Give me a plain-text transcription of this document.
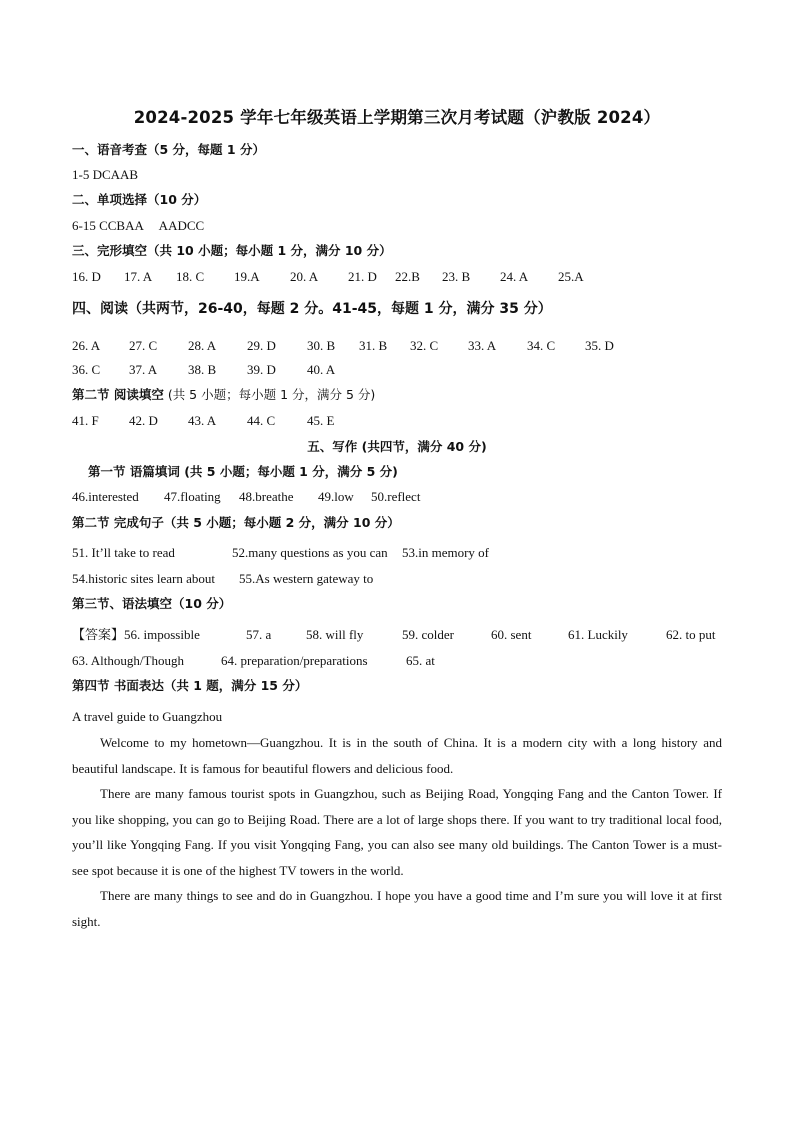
2024-2025 学年七年级英语上学期第三次月考试题（沪教版 2024）
一、语音考查（5 分，每题 1 分）
1-5 DCAAB
二、单项选择（10 分）
6-15 CCBAA     AADCC
三、完形填空（共 10 小题；每小题 1 分，满分 10 分）
16. D 17. A 18. C 19.A 20. A 21. D 22.B 23. B 24. A 25.A
四、阅读（共两节，26-40，每题 2 分。41-45，每题 1 分，满分 35 分）
26. A 27. C 28. A 29. D 30. B 31. B 32. C 33. A 34. C 35. D
36. C 37. A 38. B 39. D 40. A
第二节 阅读填空 (共 5 小题；每小题 1 分，满分 5 分)
41. F 42. D 43. A 44. C 45. E
五、写作 (共四节，满分 40 分)
第一节 语篇填词 (共 5 小题；每小题 1 分，满分 5 分)
46.interested 47.floating 48.breathe 49.low 50.reflect
第二节 完成句子（共 5 小题；每小题 2 分，满分 10 分）
51. It’ll take to read	52.many questions as you can 53.in memory of
54.historic sites learn about 55.As western gateway to
第三节、语法填空（10 分）
【答案】56. impossible	57. a	58. will fly	59. colder	60. sent	61. Luckily	62. to put
63. Although/Though	64. preparation/preparations	65. at
第四节 书面表达（共 1 题，满分 15 分）
A travel guide to Guangzhou
Welcome to my hometown—Guangzhou. It is in the south of China. It is a modern city with a long history and beautiful landscape. It is famous for beautiful flowers and delicious food.
There are many famous tourist spots in Guangzhou, such as Beijing Road, Yongqing Fang and the Canton Tower. If you like shopping, you can go to Beijing Road. There are a lot of large shops there. If you want to try traditional local food, you’ll like Yongqing Fang. If you visit Yongqing Fang, you can also see many old buildings. The Canton Tower is a must-see spot because it is one of the highest TV towers in the world.
There are many things to see and do in Guangzhou. I hope you have a good time and I’m sure you will love it at first sight.
